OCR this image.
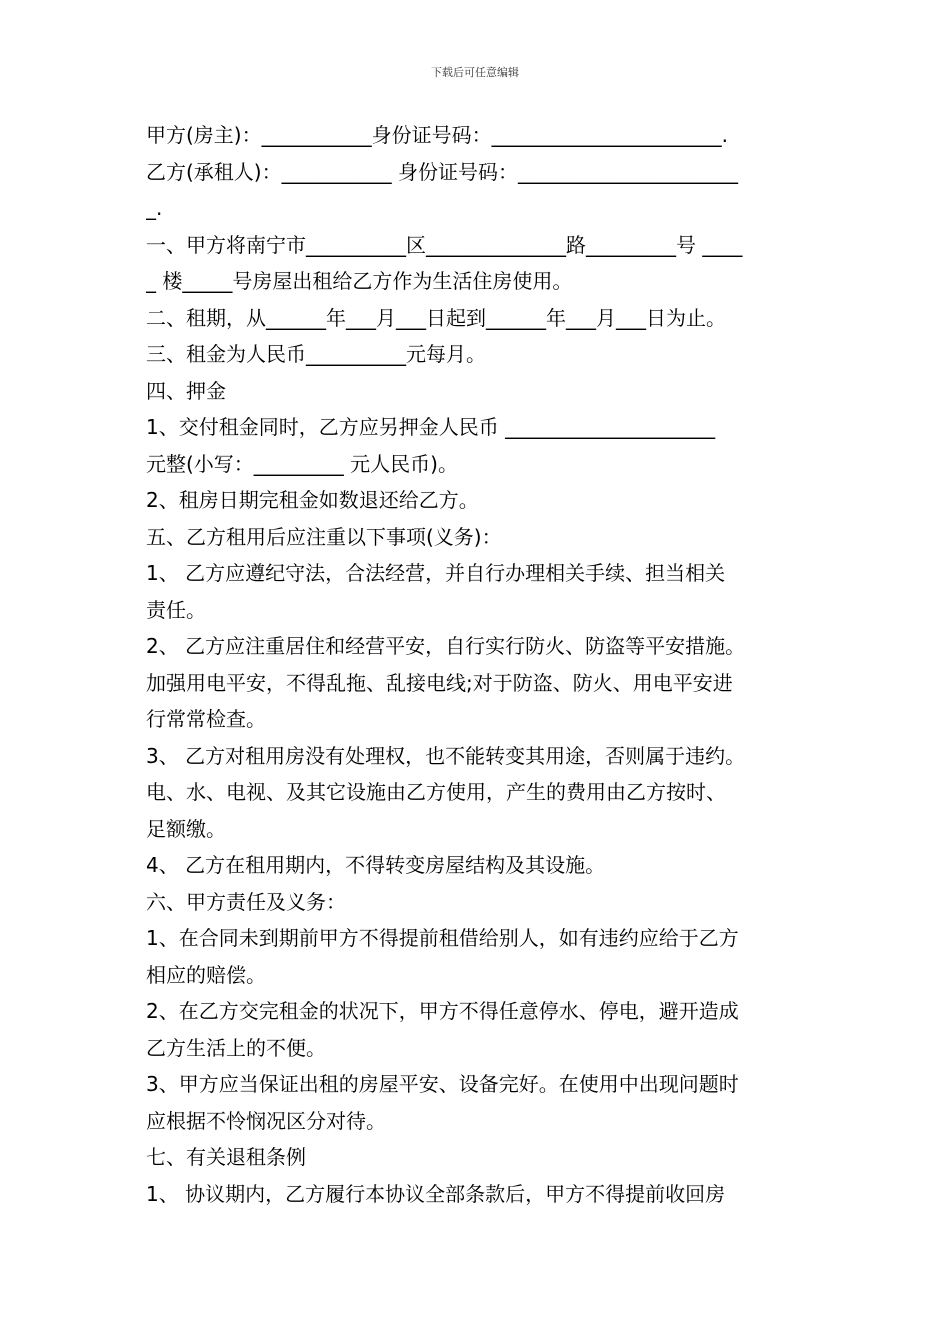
下载后可任意编辑
甲方(房主)：___________身份证号码：_______________________.
乙方(承租人)：___________ 身份证号码：______________________
_.
一、甲方将南宁市__________区______________路_________号 ____
_ 楼_____号房屋出租给乙方作为生活住房使用。
二、租期，从______年___月___日起到______年___月___日为止。
三、租金为人民币__________元每月。
四、押金
1、交付租金同时，乙方应另押金人民币 _____________________
元整(小写：_________ 元人民币)。
2、租房日期完租金如数退还给乙方。
五、乙方租用后应注重以下事项(义务)：
1、 乙方应遵纪守法，合法经营，并自行办理相关手续、担当相关
责任。
2、 乙方应注重居住和经营平安，自行实行防火、防盗等平安措施。
加强用电平安，不得乱拖、乱接电线;对于防盗、防火、用电平安进
行常常检查。
3、 乙方对租用房没有处理权，也不能转变其用途，否则属于违约。
电、水、电视、及其它设施由乙方使用，产生的费用由乙方按时、
足额缴。
4、 乙方在租用期内，不得转变房屋结构及其设施。
六、甲方责任及义务：
1、在合同未到期前甲方不得提前租借给别人，如有违约应给于乙方
相应的赔偿。
2、在乙方交完租金的状况下，甲方不得任意停水、停电，避开造成
乙方生活上的不便。
3、甲方应当保证出租的房屋平安、设备完好。在使用中出现问题时
应根据不怜悯况区分对待。
七、有关退租条例
1、 协议期内，乙方履行本协议全部条款后，甲方不得提前收回房
